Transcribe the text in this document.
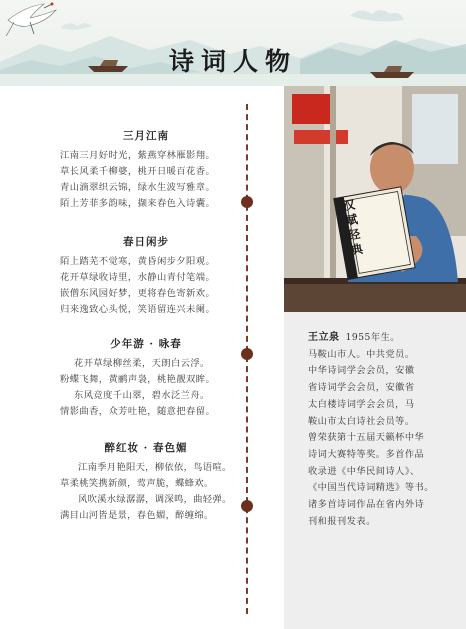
诗词人物
三月江南
江南三月好时光，紫燕穿林雁影翔。
草长风柔千柳婆，桃开日暖百花香。
青山滴翠织云锦，绿水生波写雅章。
陌上芳菲多韵味，撷来春色入诗囊。
春日闲步
陌上踏芜不觉寒，黄昏闲步夕阳观。
花开草绿收诗里，水静山青付笔端。
嵌僧东风园好梦，更将春色寄新欢。
归来逸致心头悦，笑语留连兴未阑。
少年游 · 咏春
花开草绿柳丝柔，天朗白云浮。
粉蝶飞舞，黄鹂声袅，桃艳靓双眸。
东风竞度千山翠，碧水泛兰舟。
情影曲香，众芳吐艳，随意把春留。
醉红妆 · 春色媚
江南季月艳阳天，柳依依，鸟语喧。草柔桃笑携新颜，莺声脆，蝶蜂欢。
风吹溪水绿潺潺，调深鸣，曲轻弹。满目山河皆是景，春色媚，醉缠绵。
汉赋经典
王立泉 1955年生。
马鞍山市人。中共党员。
中华诗词学会会员，安徽
省诗词学会会员，安徽省
太白楼诗词学会会员，马
鞍山市太白诗社会员等。
曾荣获第十五届天籁杯中华
诗词大赛特等奖。多首作品
收录进《中华民间诗人》、
《中国当代诗词精选》等书。
诸多首诗词作品在省内外诗
刊和报刊发表。
